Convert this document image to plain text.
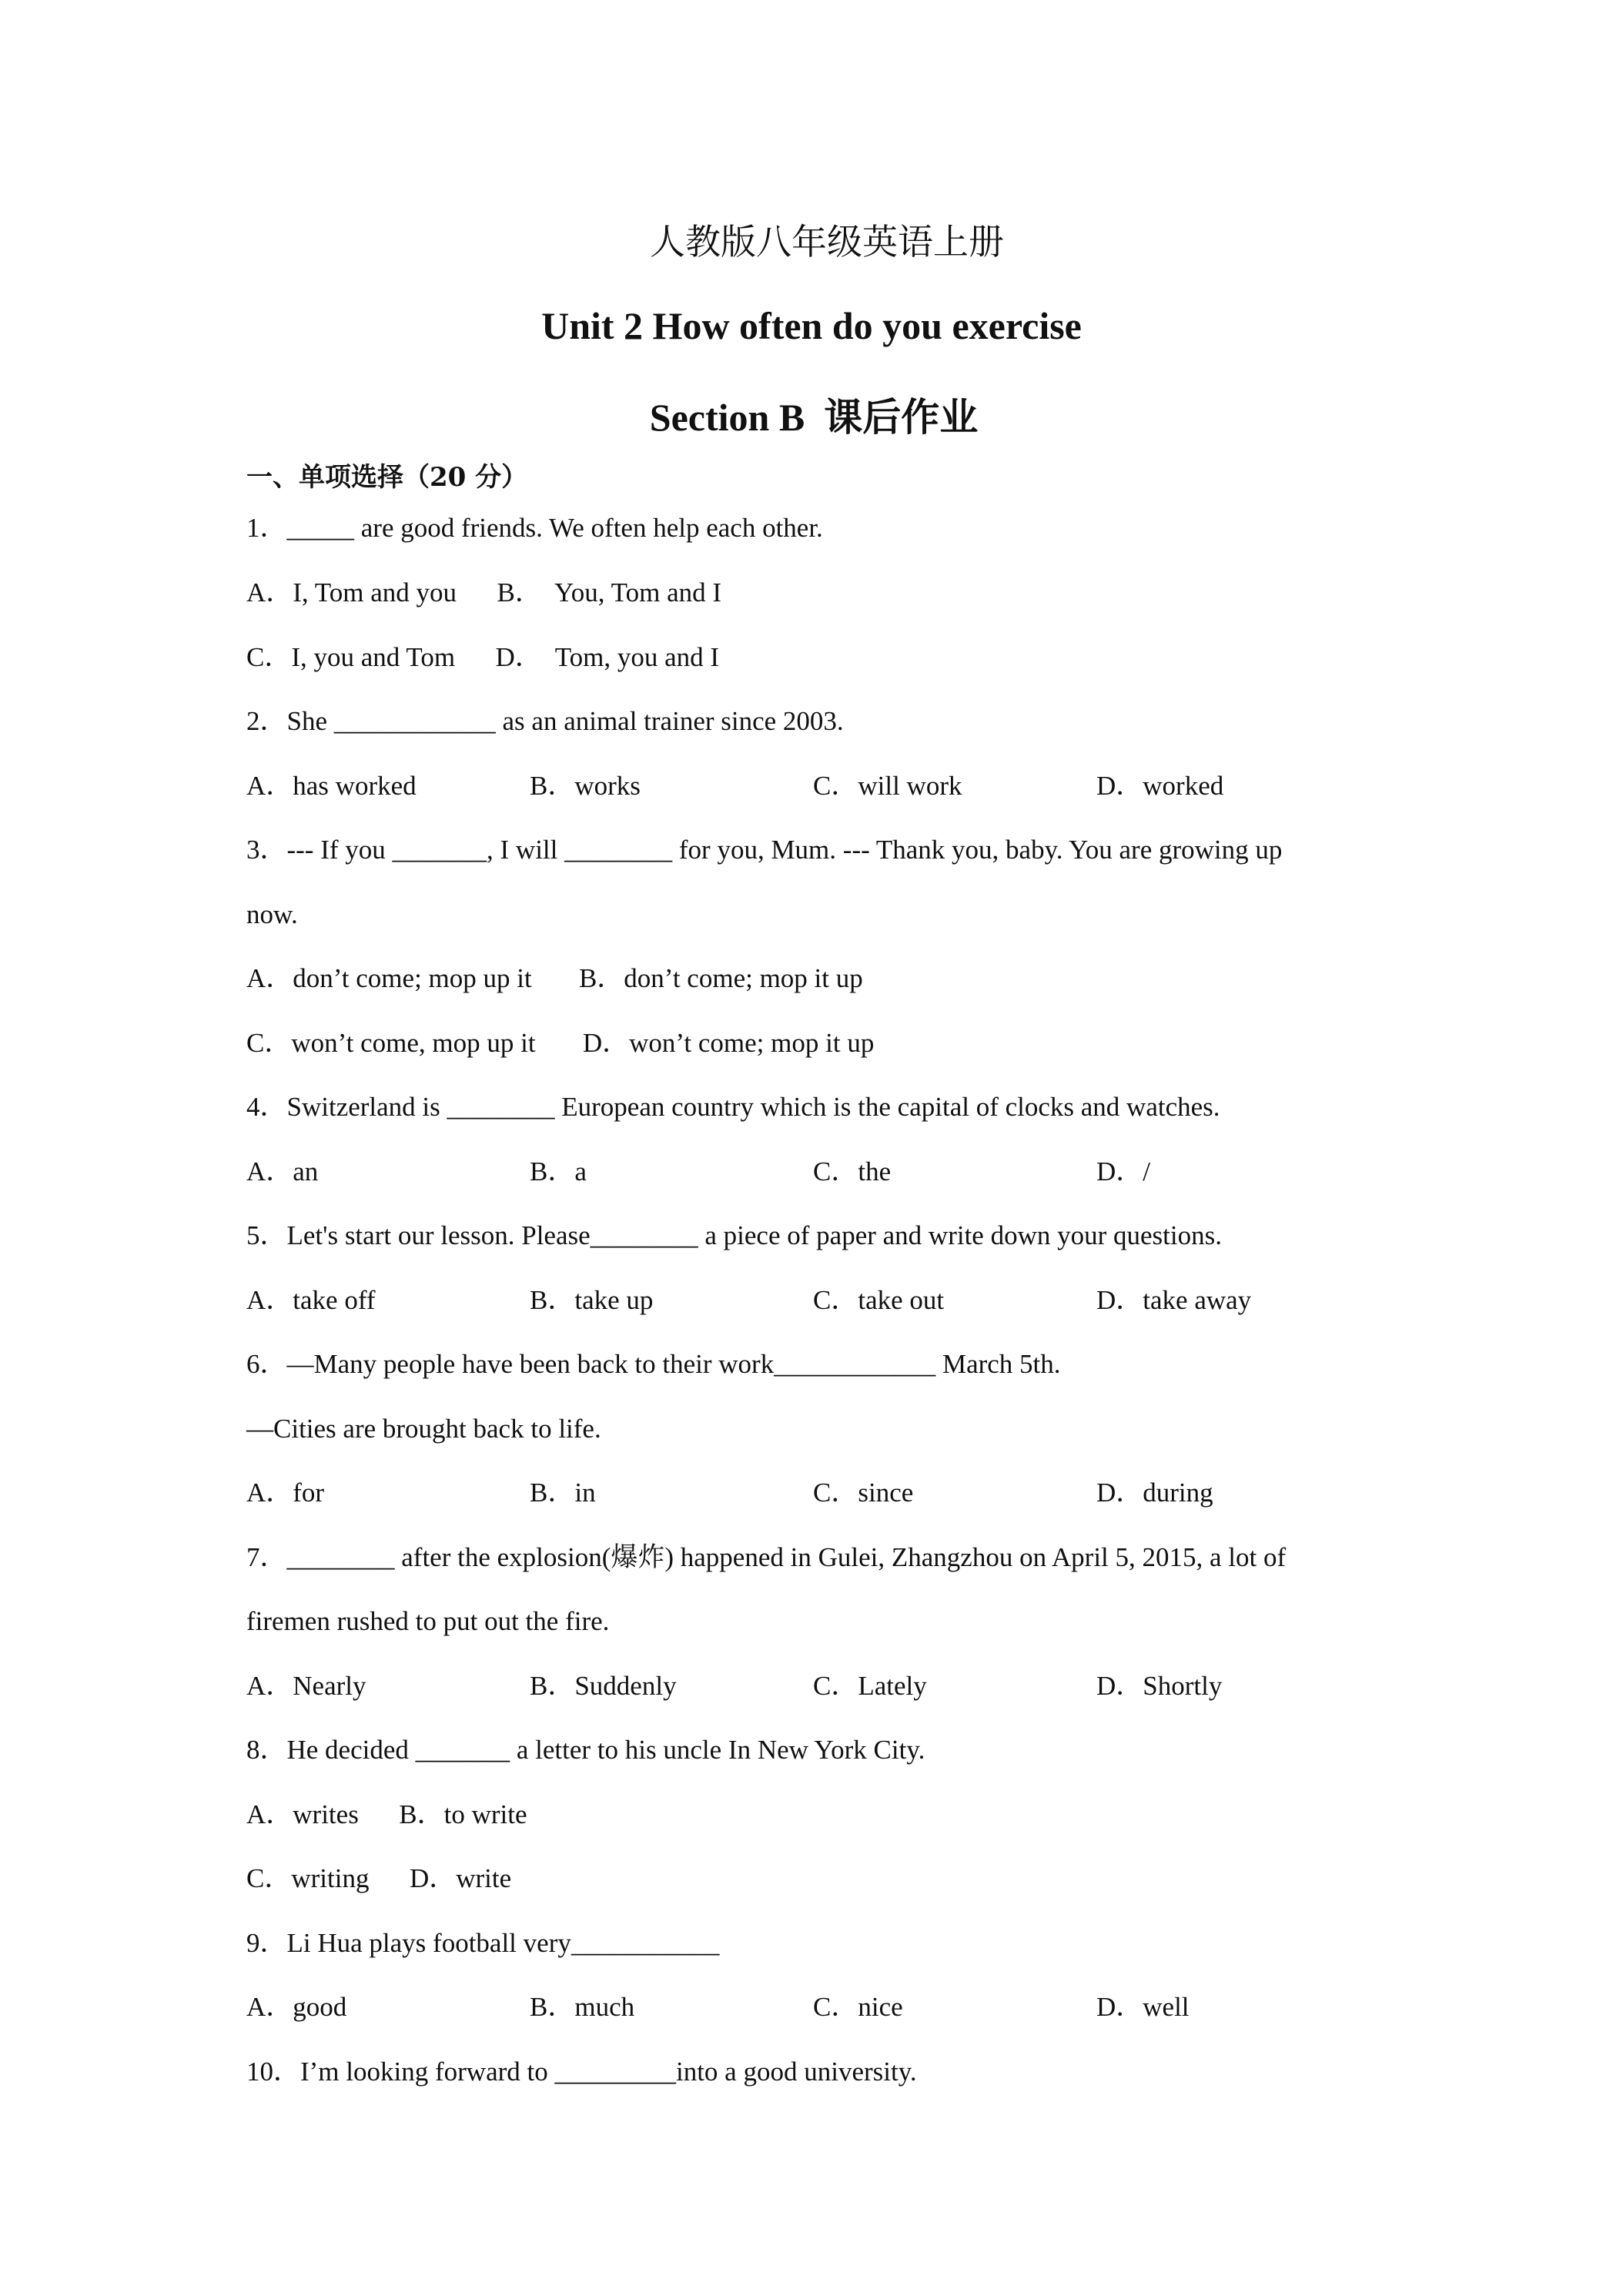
人教版八年级英语上册
Unit 2 How often do you exercise
Section B 课后作业
一、单项选择（20 分）
1．_____ are good friends. We often help each other.
A．I, Tom and you      B．  You, Tom and I
C．I, you and Tom      D．  Tom, you and I
2．She ____________ as an animal trainer since 2003.
A．has worked	B．works	C．will work	D．worked
3．--- If you _______, I will ________ for you, Mum. --- Thank you, baby. You are growing up
now.
A．don’t come; mop up it       B．don’t come; mop it up
C．won’t come, mop up it       D．won’t come; mop it up
4．Switzerland is ________ European country which is the capital of clocks and watches.
A．an	B．a	C．the	D．/
5．Let's start our lesson. Please________ a piece of paper and write down your questions.
A．take off	B．take up	C．take out	D．take away
6．—Many people have been back to their work____________ March 5th.
—Cities are brought back to life.
A．for	B．in	C．since	D．during
7．________ after the explosion(爆炸) happened in Gulei, Zhangzhou on April 5, 2015, a lot of
firemen rushed to put out the fire.
A．Nearly	B．Suddenly	C．Lately	D．Shortly
8．He decided _______ a letter to his uncle In New York City.
A．writes      B．to write
C．writing      D．write
9．Li Hua plays football very___________
A．good	B．much	C．nice	D．well
10．I’m looking forward to _________into a good university.
